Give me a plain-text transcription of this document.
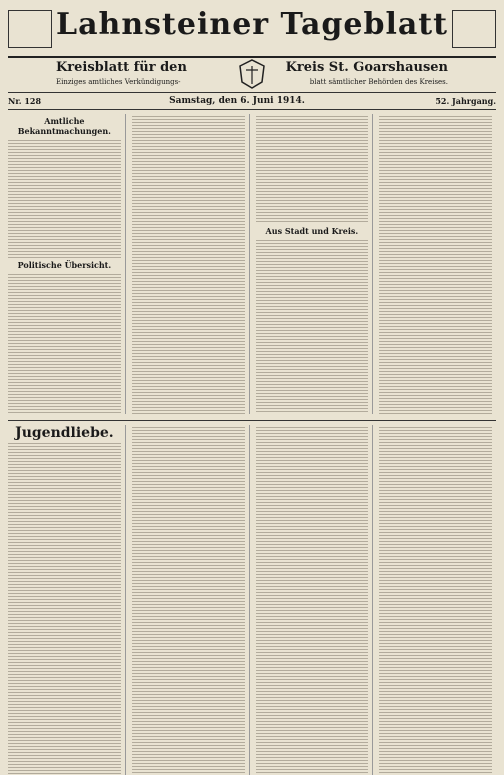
Lahnsteiner Tageblatt
Kreisblatt für den	Kreis St. Goarshausen
Einziges amtliches Verkündigungs-	blatt sämtlicher Behörden des Kreises.
Nr. 128	Samstag, den 6. Juni 1914.	52. Jahrgang.
Amtliche Bekanntmachungen.
Politische Übersicht.
Aus Stadt und Kreis.
Jugendliebe.
